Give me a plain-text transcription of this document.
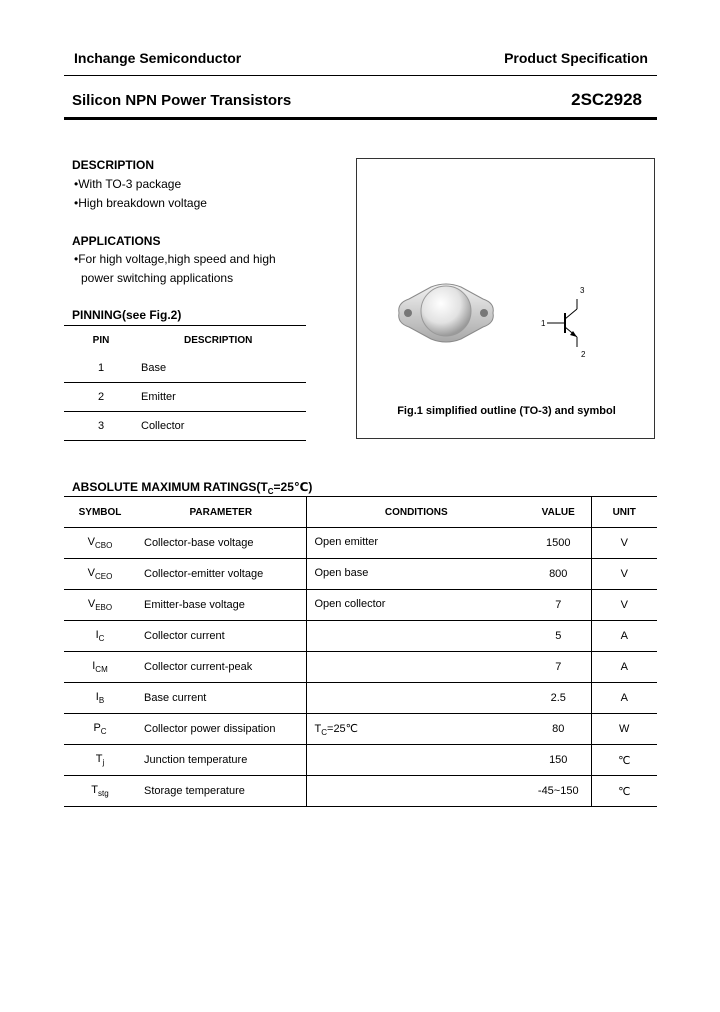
Inchange Semiconductor	Product Specification
Silicon NPN Power Transistors	2SC2928
DESCRIPTION
•With TO-3 package
•High breakdown voltage
APPLICATIONS
•For high voltage,high speed and high
power switching applications
PINNING(see Fig.2)
PIN	DESCRIPTION
1	Base
2	Emitter
3	Collector
1
2
3
Fig.1 simplified outline (TO-3) and symbol
ABSOLUTE MAXIMUM $RATINGS(T_C=25℃)$
SYMBOL	PARAMETER	CONDITIONS	VALUE	UNIT
$V_{CBO}$	Collector-base voltage	Open emitter	1500	V
$V_{CEO}$	Collector-emitter voltage	Open base	800	V
$V_{EBO}$	Emitter-base voltage	Open collector	7	V
$I_C$	Collector current		5	A
$I_{CM}$	Collector current-peak		7	A
$I_B$	Base current		2.5	A
$P_C$	Collector power dissipation	$T_C=25℃$	80	W
$T_j$	Junction temperature		150	℃
$T_{stg}$	Storage temperature		-45~150	℃
